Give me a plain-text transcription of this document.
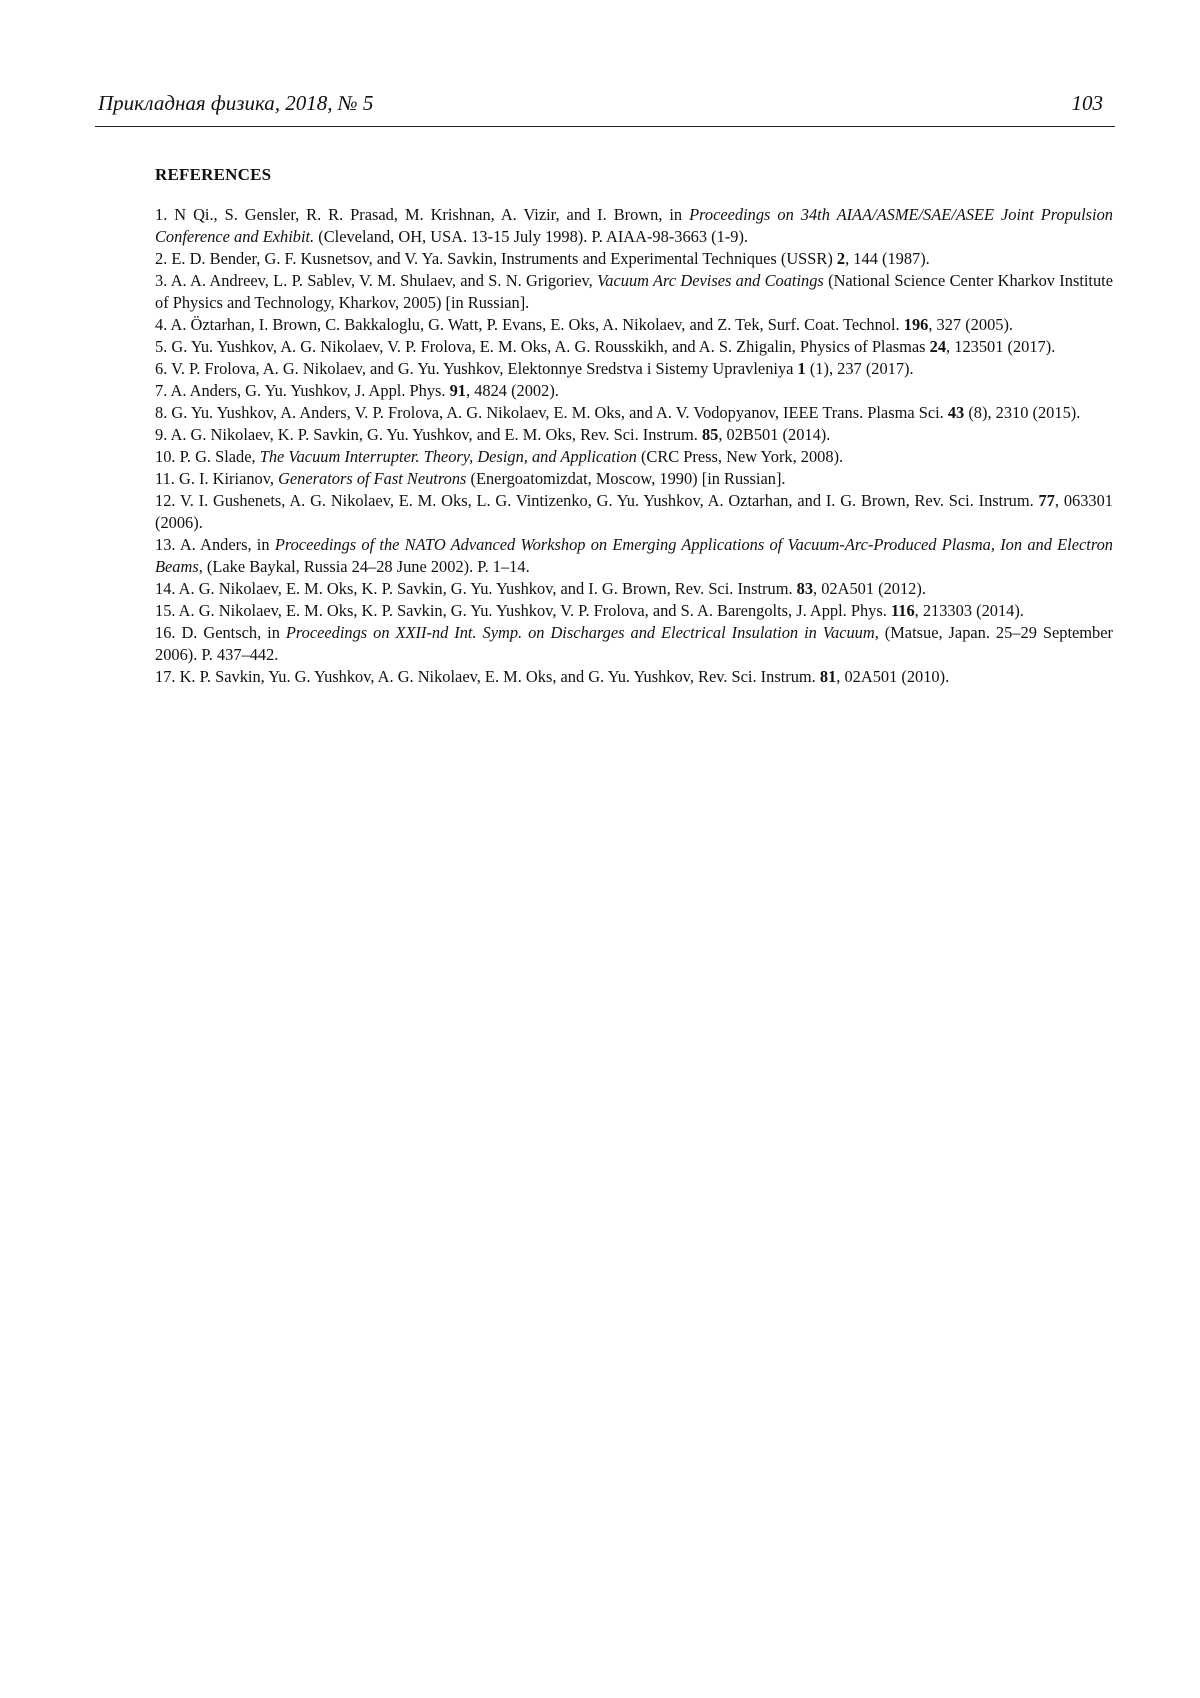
Прикладная физика, 2018, № 5	103
REFERENCES
1. N Qi., S. Gensler, R. R. Prasad, M. Krishnan, A. Vizir, and I. Brown, in Proceedings on 34th AIAA/ASME/SAE/ASEE Joint Propulsion Conference and Exhibit. (Cleveland, OH, USA. 13-15 July 1998). P. AIAA-98-3663 (1-9).
2. E. D. Bender, G. F. Kusnetsov, and V. Ya. Savkin, Instruments and Experimental Techniques (USSR) 2, 144 (1987).
3. A. A. Andreev, L. P. Sablev, V. M. Shulaev, and S. N. Grigoriev, Vacuum Arc Devises and Coatings (National Science Center Kharkov Institute of Physics and Technology, Kharkov, 2005) [in Russian].
4. A. Öztarhan, I. Brown, C. Bakkaloglu, G. Watt, P. Evans, E. Oks, A. Nikolaev, and Z. Tek, Surf. Coat. Technol. 196, 327 (2005).
5. G. Yu. Yushkov, A. G. Nikolaev, V. P. Frolova, E. M. Oks, A. G. Rousskikh, and A. S. Zhigalin, Physics of Plasmas 24, 123501 (2017).
6. V. P. Frolova, A. G. Nikolaev, and G. Yu. Yushkov, Elektonnye Sredstva i Sistemy Upravleniya 1 (1), 237 (2017).
7. A. Anders, G. Yu. Yushkov, J. Appl. Phys. 91, 4824 (2002).
8. G. Yu. Yushkov, A. Anders, V. P. Frolova, A. G. Nikolaev, E. M. Oks, and A. V. Vodopyanov, IEEE Trans. Plasma Sci. 43 (8), 2310 (2015).
9. A. G. Nikolaev, K. P. Savkin, G. Yu. Yushkov, and E. M. Oks, Rev. Sci. Instrum. 85, 02B501 (2014).
10. P. G. Slade, The Vacuum Interrupter. Theory, Design, and Application (CRC Press, New York, 2008).
11. G. I. Kirianov, Generators of Fast Neutrons (Energoatomizdat, Moscow, 1990) [in Russian].
12. V. I. Gushenets, A. G. Nikolaev, E. M. Oks, L. G. Vintizenko, G. Yu. Yushkov, A. Oztarhan, and I. G. Brown, Rev. Sci. Instrum. 77, 063301 (2006).
13. A. Anders, in Proceedings of the NATO Advanced Workshop on Emerging Applications of Vacuum-Arc-Produced Plasma, Ion and Electron Beams, (Lake Baykal, Russia 24–28 June 2002). P. 1–14.
14. A. G. Nikolaev, E. M. Oks, K. P. Savkin, G. Yu. Yushkov, and I. G. Brown, Rev. Sci. Instrum. 83, 02A501 (2012).
15. A. G. Nikolaev, E. M. Oks, K. P. Savkin, G. Yu. Yushkov, V. P. Frolova, and S. A. Barengolts, J. Appl. Phys. 116, 213303 (2014).
16. D. Gentsch, in Proceedings on XXII-nd Int. Symp. on Discharges and Electrical Insulation in Vacuum, (Matsue, Japan. 25–29 September 2006). P. 437–442.
17. K. P. Savkin, Yu. G. Yushkov, A. G. Nikolaev, E. M. Oks, and G. Yu. Yushkov, Rev. Sci. Instrum. 81, 02A501 (2010).
